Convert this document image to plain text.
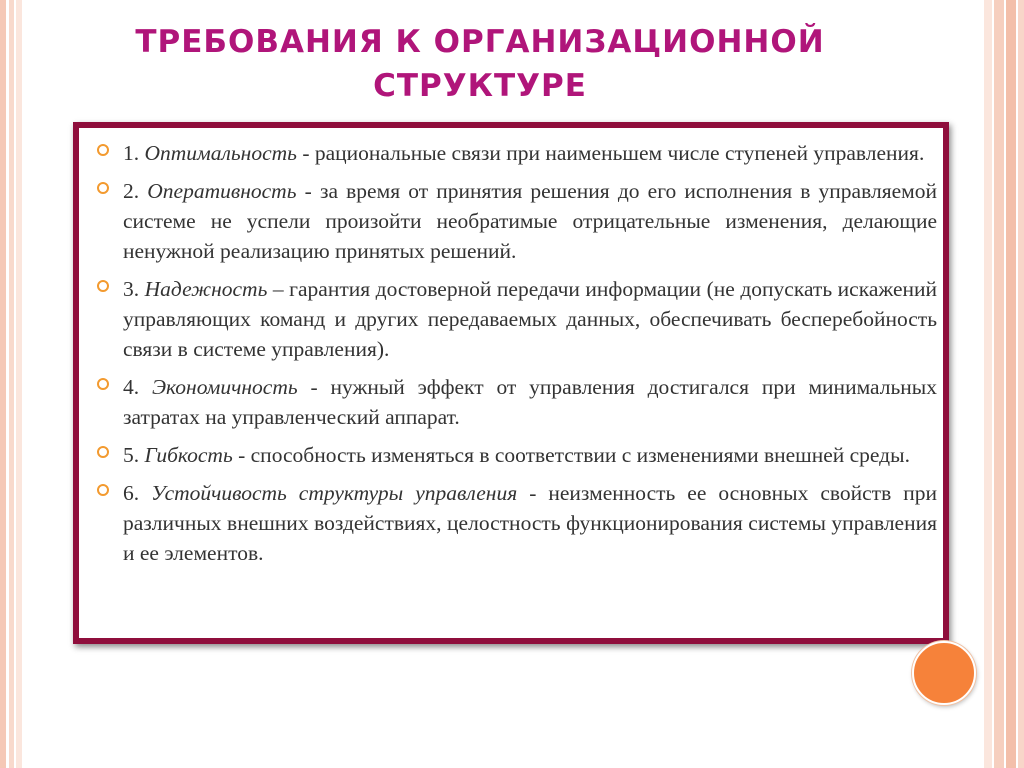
ТРЕБОВАНИЯ К ОРГАНИЗАЦИОННОЙ СТРУКТУРЕ
1. Оптимальность - рациональные связи при наименьшем числе ступеней управления.
2. Оперативность - за время от принятия решения до его исполнения в управляемой системе не успели произойти необратимые отрицательные изменения, делающие ненужной реализацию принятых решений.
3. Надежность – гарантия достоверной передачи информации (не допускать искажений управляющих команд и других передаваемых данных, обеспечивать бесперебойность связи в системе управления).
4. Экономичность - нужный эффект от управления достигался при минимальных затратах на управленческий аппарат.
5. Гибкость - способность изменяться в соответствии с изменениями внешней среды.
6. Устойчивость структуры управления - неизменность ее основных свойств при различных внешних воздействиях, целостность функционирования системы управления и ее элементов.
